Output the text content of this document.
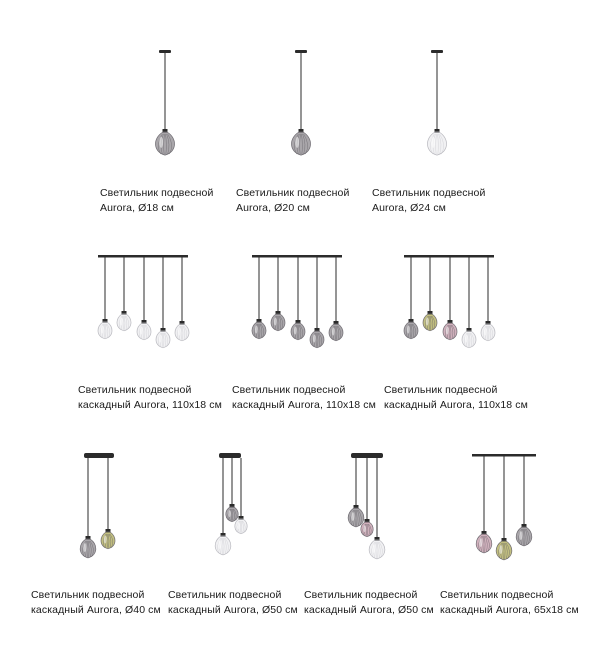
Светильник подвесной
Aurora, Ø18 см
Светильник подвесной
Aurora, Ø20 см
Светильник подвесной
Aurora, Ø24 см
Светильник подвесной
каскадный Aurora, 110x18 см
Светильник подвесной
каскадный Aurora, 110x18 см
Светильник подвесной
каскадный Aurora, 110x18 см
Светильник подвесной
каскадный Aurora, Ø40 см
Светильник подвесной
каскадный Aurora, Ø50 см
Светильник подвесной
каскадный Aurora, Ø50 см
Светильник подвесной
каскадный Aurora, 65x18 см
